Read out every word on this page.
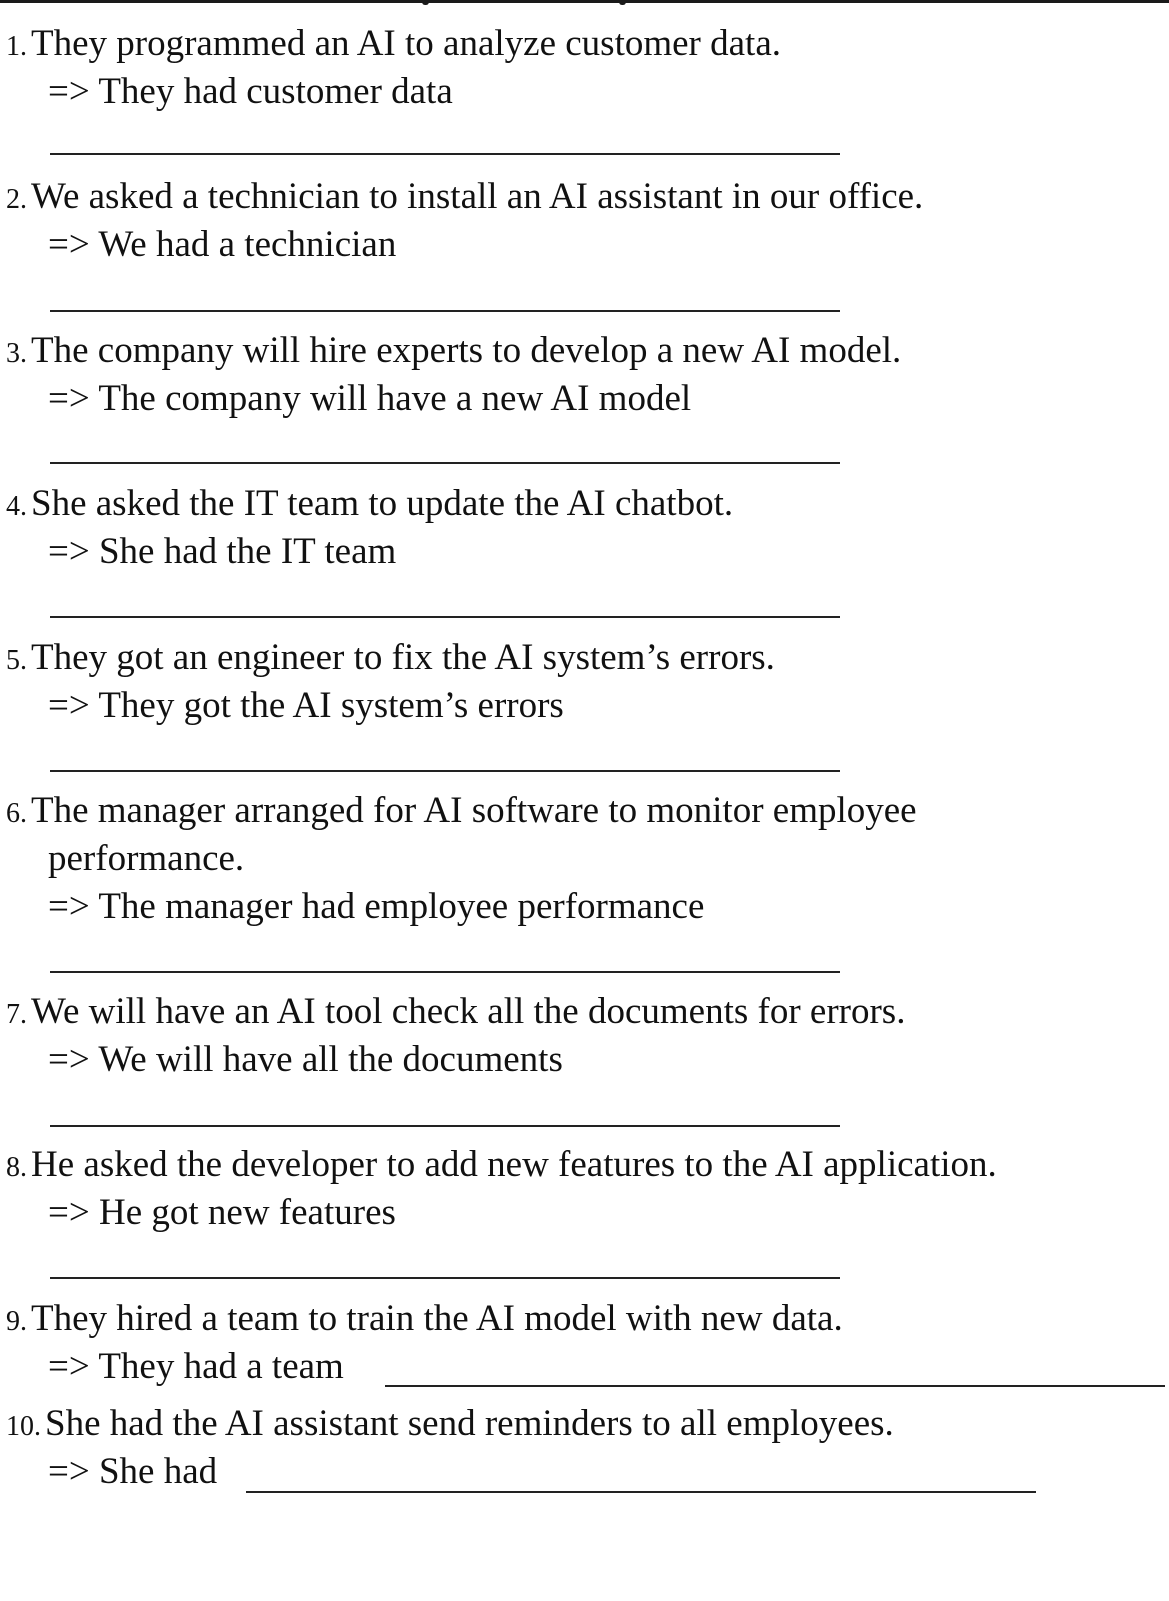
1. They programmed an AI to analyze customer data.
=> They had customer data
2. We asked a technician to install an AI assistant in our office.
=> We had a technician
3. The company will hire experts to develop a new AI model.
=> The company will have a new AI model
4. She asked the IT team to update the AI chatbot.
=> She had the IT team
5. They got an engineer to fix the AI system’s errors.
=> They got the AI system’s errors
6. The manager arranged for AI software to monitor employee
performance.
=> The manager had employee performance
7. We will have an AI tool check all the documents for errors.
=> We will have all the documents
8. He asked the developer to add new features to the AI application.
=> He got new features
9. They hired a team to train the AI model with new data.
=> They had a team
10. She had the AI assistant send reminders to all employees.
=> She had
